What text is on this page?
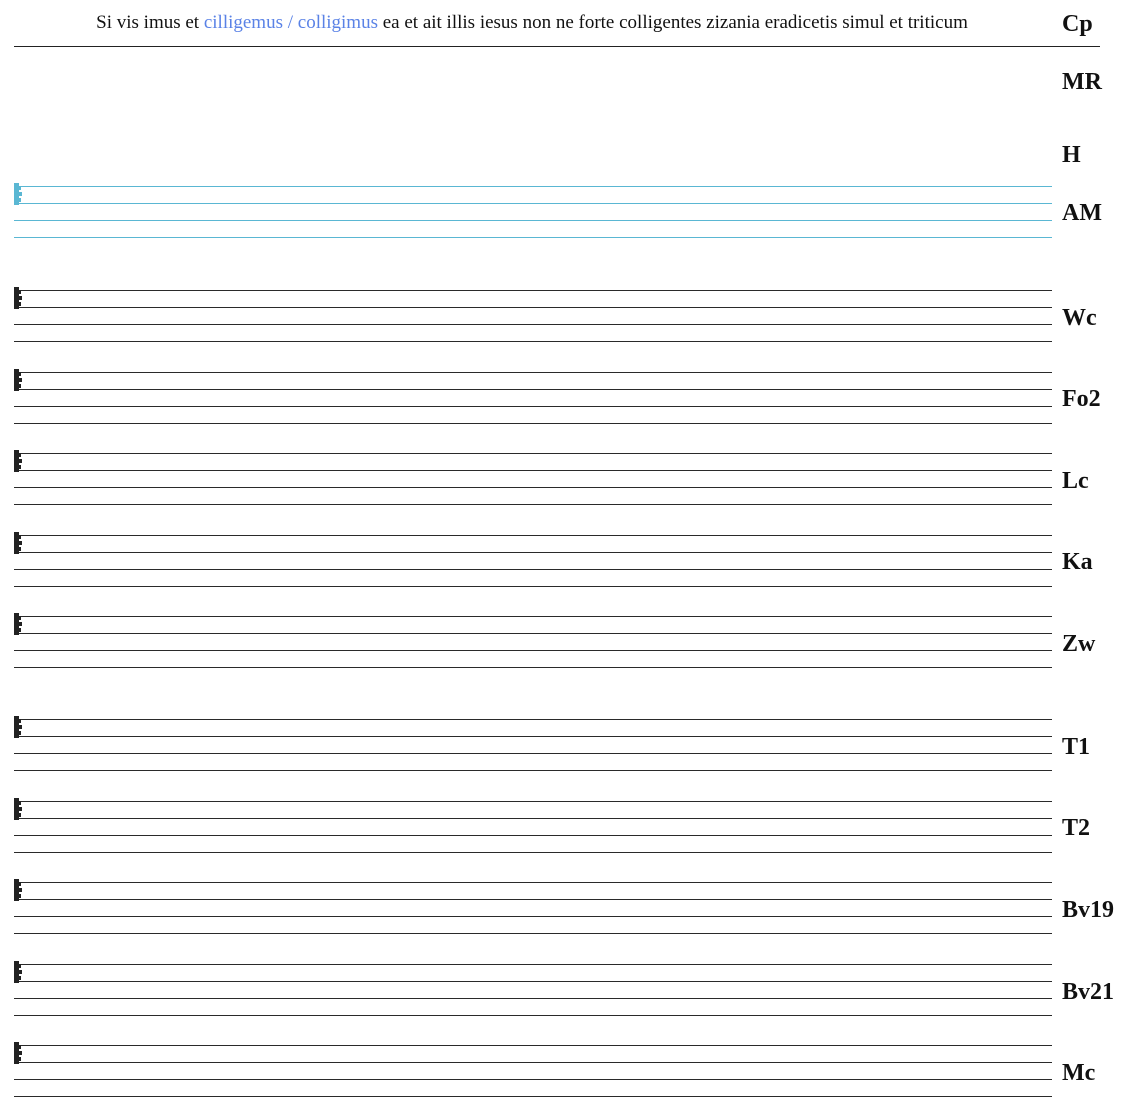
Si vis imus et cilligemus / colligimus ea et ait illis iesus non ne forte colligentes zizania eradicetis simul et triticum	Cp
MR
H
AM
Wc
Fo2
Lc
Ka
Zw
T1
T2
Bv19
Bv21
Mc
